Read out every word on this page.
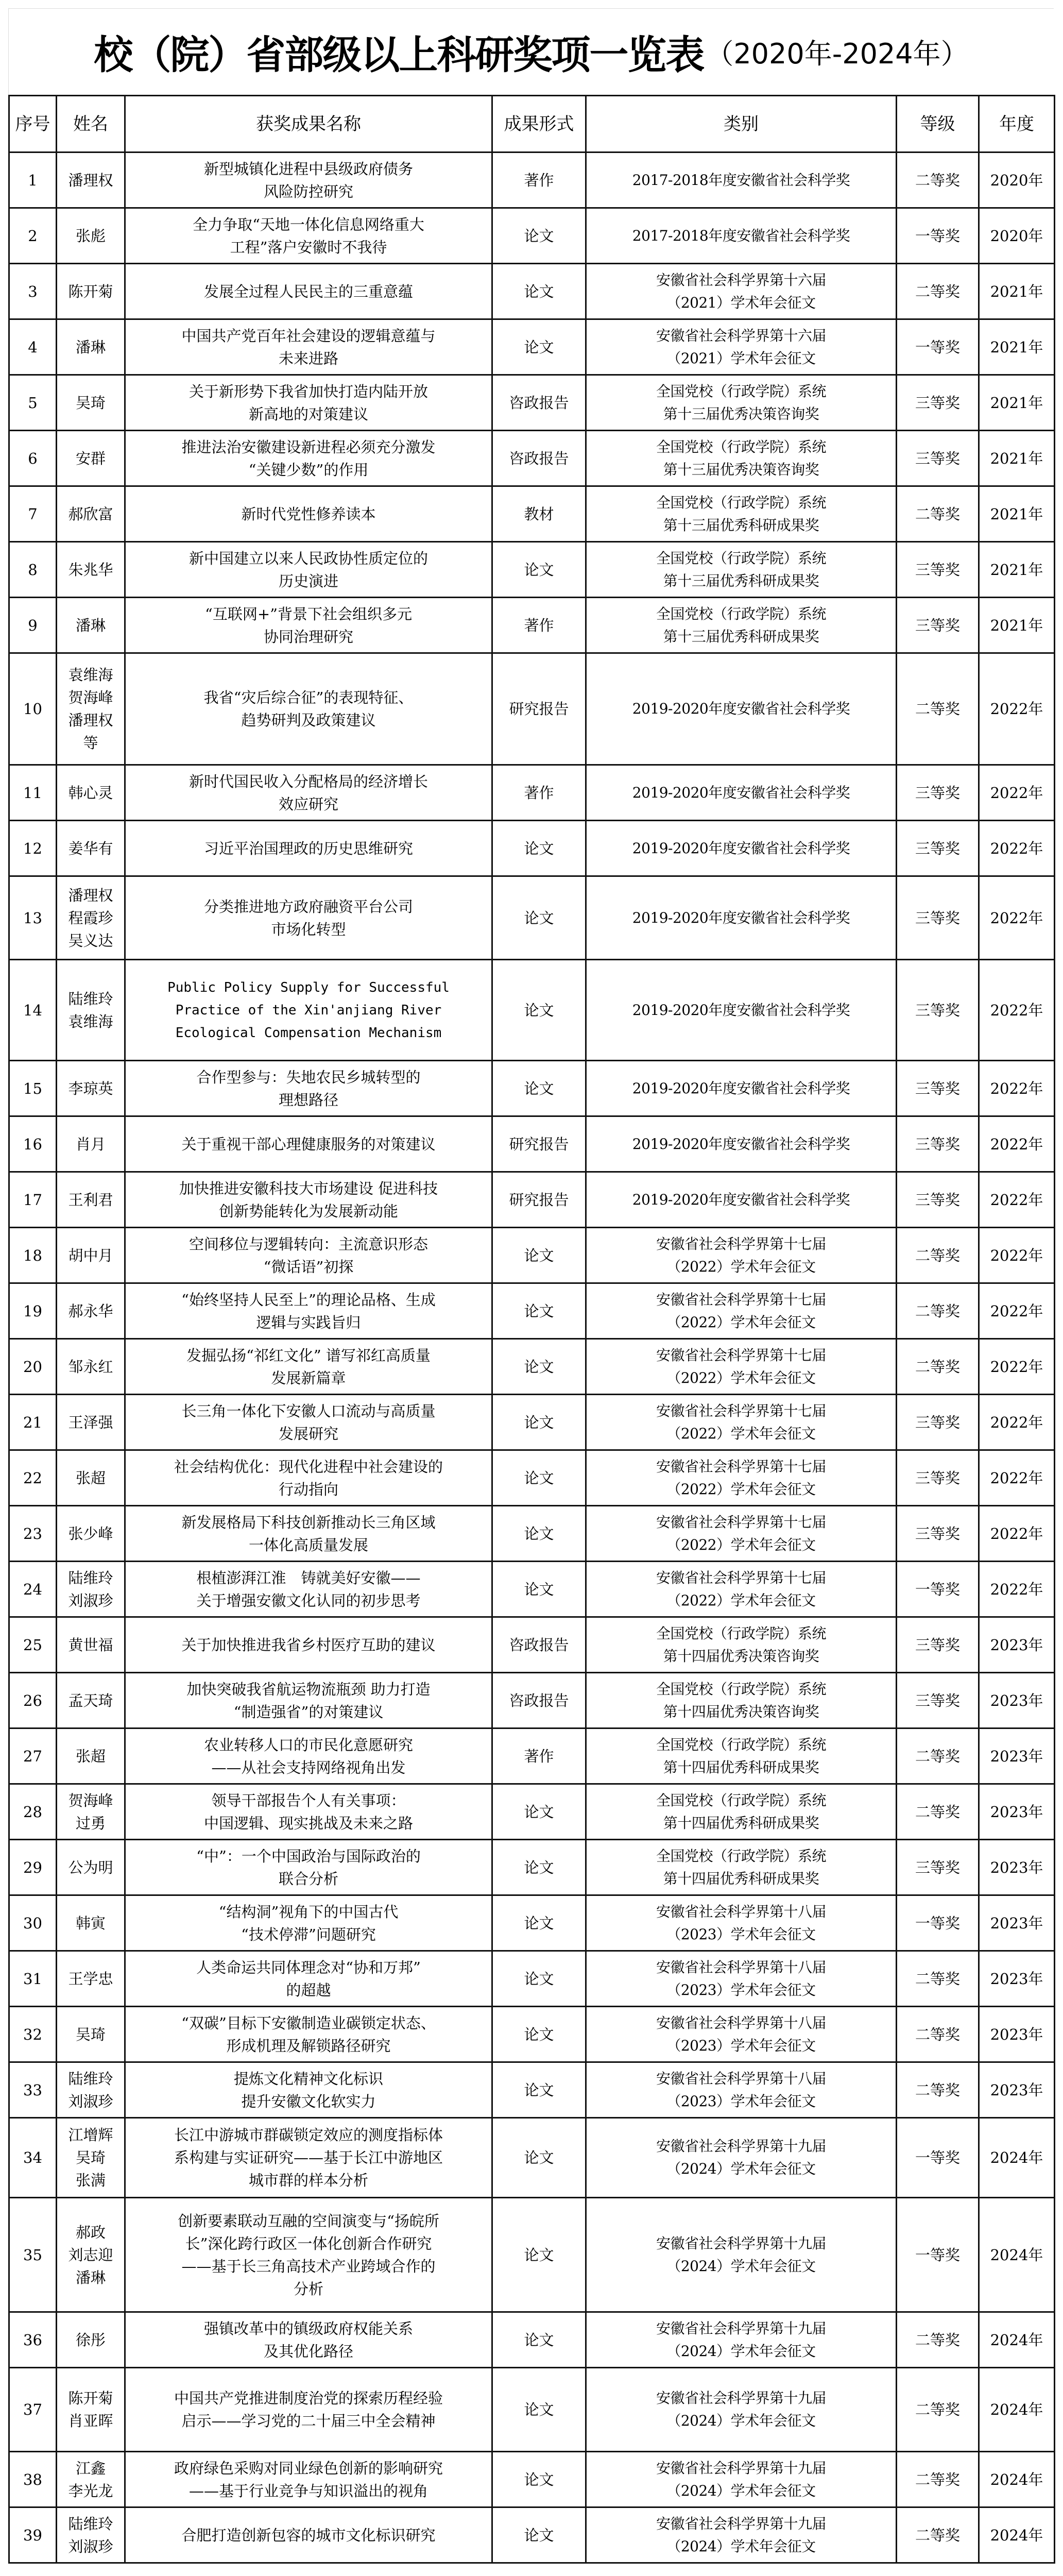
校（院）省部级以上科研奖项一览表 （2020年-2024年）
序号	姓名	获奖成果名称	成果形式	类别	等级	年度
1	潘理权	新型城镇化进程中县级政府债务
风险防控研究	著作	2017-2018年度安徽省社会科学奖	二等奖	2020年
2	张彪	全力争取“天地一体化信息网络重大
工程”落户安徽时不我待	论文	2017-2018年度安徽省社会科学奖	一等奖	2020年
3	陈开菊	发展全过程人民民主的三重意蕴	论文	安徽省社会科学界第十六届
（2021）学术年会征文	二等奖	2021年
4	潘琳	中国共产党百年社会建设的逻辑意蕴与
未来进路	论文	安徽省社会科学界第十六届
（2021）学术年会征文	一等奖	2021年
5	吴琦	关于新形势下我省加快打造内陆开放
新高地的对策建议	咨政报告	全国党校（行政学院）系统
第十三届优秀决策咨询奖	三等奖	2021年
6	安群	推进法治安徽建设新进程必须充分激发
“关键少数”的作用	咨政报告	全国党校（行政学院）系统
第十三届优秀决策咨询奖	三等奖	2021年
7	郝欣富	新时代党性修养读本	教材	全国党校（行政学院）系统
第十三届优秀科研成果奖	二等奖	2021年
8	朱兆华	新中国建立以来人民政协性质定位的
历史演进	论文	全国党校（行政学院）系统
第十三届优秀科研成果奖	三等奖	2021年
9	潘琳	“互联网+”背景下社会组织多元
协同治理研究	著作	全国党校（行政学院）系统
第十三届优秀科研成果奖	三等奖	2021年
10	袁维海
贺海峰
潘理权
等	我省“灾后综合征”的表现特征、
趋势研判及政策建议	研究报告	2019-2020年度安徽省社会科学奖	二等奖	2022年
11	韩心灵	新时代国民收入分配格局的经济增长
效应研究	著作	2019-2020年度安徽省社会科学奖	三等奖	2022年
12	姜华有	习近平治国理政的历史思维研究	论文	2019-2020年度安徽省社会科学奖	三等奖	2022年
13	潘理权
程霞珍
吴义达	分类推进地方政府融资平台公司
市场化转型	论文	2019-2020年度安徽省社会科学奖	三等奖	2022年
14	陆维玲
袁维海	Public Policy Supply for Successful
Practice of the Xin'anjiang River
Ecological Compensation Mechanism	论文	2019-2020年度安徽省社会科学奖	三等奖	2022年
15	李琼英	合作型参与：失地农民乡城转型的
理想路径	论文	2019-2020年度安徽省社会科学奖	三等奖	2022年
16	肖月	关于重视干部心理健康服务的对策建议	研究报告	2019-2020年度安徽省社会科学奖	三等奖	2022年
17	王利君	加快推进安徽科技大市场建设 促进科技
创新势能转化为发展新动能	研究报告	2019-2020年度安徽省社会科学奖	三等奖	2022年
18	胡中月	空间移位与逻辑转向：主流意识形态
“微话语”初探	论文	安徽省社会科学界第十七届
（2022）学术年会征文	二等奖	2022年
19	郝永华	“始终坚持人民至上”的理论品格、生成
逻辑与实践旨归	论文	安徽省社会科学界第十七届
（2022）学术年会征文	二等奖	2022年
20	邹永红	发掘弘扬“祁红文化” 谱写祁红高质量
发展新篇章	论文	安徽省社会科学界第十七届
（2022）学术年会征文	二等奖	2022年
21	王泽强	长三角一体化下安徽人口流动与高质量
发展研究	论文	安徽省社会科学界第十七届
（2022）学术年会征文	三等奖	2022年
22	张超	社会结构优化：现代化进程中社会建设的
行动指向	论文	安徽省社会科学界第十七届
（2022）学术年会征文	三等奖	2022年
23	张少峰	新发展格局下科技创新推动长三角区域
一体化高质量发展	论文	安徽省社会科学界第十七届
（2022）学术年会征文	三等奖	2022年
24	陆维玲
刘淑珍	根植澎湃江淮　铸就美好安徽——
关于增强安徽文化认同的初步思考	论文	安徽省社会科学界第十七届
（2022）学术年会征文	一等奖	2022年
25	黄世福	关于加快推进我省乡村医疗互助的建议	咨政报告	全国党校（行政学院）系统
第十四届优秀决策咨询奖	三等奖	2023年
26	孟天琦	加快突破我省航运物流瓶颈 助力打造
“制造强省”的对策建议	咨政报告	全国党校（行政学院）系统
第十四届优秀决策咨询奖	三等奖	2023年
27	张超	农业转移人口的市民化意愿研究
——从社会支持网络视角出发	著作	全国党校（行政学院）系统
第十四届优秀科研成果奖	二等奖	2023年
28	贺海峰
过勇	领导干部报告个人有关事项：
中国逻辑、现实挑战及未来之路	论文	全国党校（行政学院）系统
第十四届优秀科研成果奖	二等奖	2023年
29	公为明	“中”：一个中国政治与国际政治的
联合分析	论文	全国党校（行政学院）系统
第十四届优秀科研成果奖	三等奖	2023年
30	韩寅	“结构洞”视角下的中国古代
“技术停滞”问题研究	论文	安徽省社会科学界第十八届
（2023）学术年会征文	一等奖	2023年
31	王学忠	人类命运共同体理念对“协和万邦”
的超越	论文	安徽省社会科学界第十八届
（2023）学术年会征文	二等奖	2023年
32	吴琦	“双碳”目标下安徽制造业碳锁定状态、
形成机理及解锁路径研究	论文	安徽省社会科学界第十八届
（2023）学术年会征文	二等奖	2023年
33	陆维玲
刘淑珍	提炼文化精神文化标识
提升安徽文化软实力	论文	安徽省社会科学界第十八届
（2023）学术年会征文	二等奖	2023年
34	江增辉
吴琦
张满	长江中游城市群碳锁定效应的测度指标体
系构建与实证研究——基于长江中游地区
城市群的样本分析	论文	安徽省社会科学界第十九届
（2024）学术年会征文	一等奖	2024年
35	郝政
刘志迎
潘琳	创新要素联动互融的空间演变与“扬皖所
长”深化跨行政区一体化创新合作研究
——基于长三角高技术产业跨域合作的
分析	论文	安徽省社会科学界第十九届
（2024）学术年会征文	一等奖	2024年
36	徐彤	强镇改革中的镇级政府权能关系
及其优化路径	论文	安徽省社会科学界第十九届
（2024）学术年会征文	二等奖	2024年
37	陈开菊
肖亚晖	中国共产党推进制度治党的探索历程经验
启示——学习党的二十届三中全会精神	论文	安徽省社会科学界第十九届
（2024）学术年会征文	二等奖	2024年
38	江鑫
李光龙	政府绿色采购对同业绿色创新的影响研究
——基于行业竞争与知识溢出的视角	论文	安徽省社会科学界第十九届
（2024）学术年会征文	二等奖	2024年
39	陆维玲
刘淑珍	合肥打造创新包容的城市文化标识研究	论文	安徽省社会科学界第十九届
（2024）学术年会征文	二等奖	2024年
